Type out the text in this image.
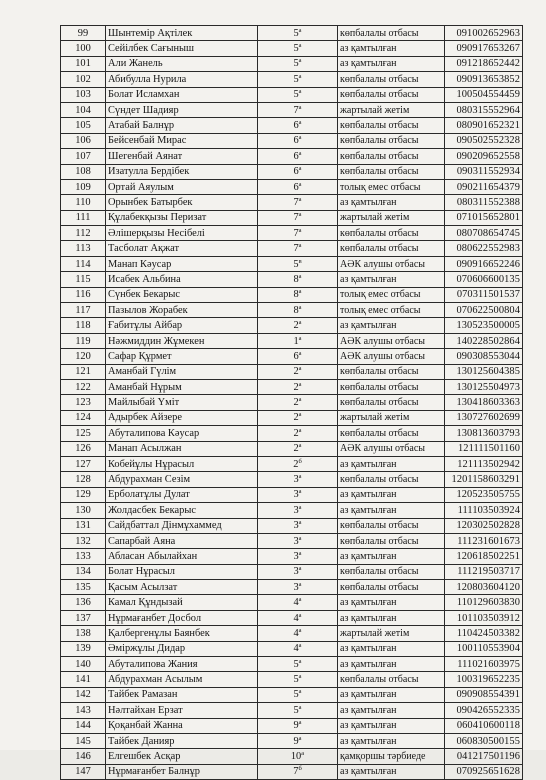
99	Шынтемір Ақтілек	$5^а$	көпбалалы отбасы	091002652963
100	Сейілбек Сағыныш	$5^а$	аз қамтылған	090917653267
101	Али Жанель	$5^а$	аз қамтылған	091218652442
102	Абибулла Нурила	$5^а$	көпбалалы отбасы	090913653852
103	Болат Исламхан	$5^а$	көпбалалы отбасы	100504554459
104	Сүндет Шадияр	$7^а$	жартылай жетім	080315552964
105	Атабай Балнұр	$6^а$	көпбалалы отбасы	080901652321
106	Бейсенбай Мирас	$6^а$	көпбалалы отбасы	090502552328
107	Шегенбай Аянат	$6^а$	көпбалалы отбасы	090209652558
108	Изатулла Бердібек	$6^а$	көпбалалы отбасы	090311552934
109	Ортай Аяулым	$6^а$	толық емес отбасы	090211654379
110	Орынбек Батырбек	$7^а$	аз қамтылған	080311552388
111	Құлабекқызы Перизат	$7^а$	жартылай жетім	071015652801
112	Әлішерқызы Несібелі	$7^а$	көпбалалы отбасы	080708654745
113	Тасболат Ақжат	$7^а$	көпбалалы отбасы	080622552983
114	Манап Кәусар	$5^в$	АӘК алушы отбасы	090916652246
115	Исабек Альбина	$8^а$	аз қамтылған	070606600135
116	Сүнбек Бекарыс	$8^а$	толық емес отбасы	070311501537
117	Пазылов Жорабек	$8^а$	толық емес отбасы	070622500804
118	Ғабитұлы Айбар	$2^а$	аз қамтылған	130523500005
119	Нәжмиддин Жұмекен	$1^а$	АӘК алушы отбасы	140228502864
120	Сафар Құрмет	$6^а$	АӘК алушы отбасы	090308553044
121	Аманбай Гүлім	$2^а$	көпбалалы отбасы	130125604385
122	Аманбай Нұрым	$2^а$	көпбалалы отбасы	130125504973
123	Майлыбай Үміт	$2^а$	көпбалалы отбасы	130418603363
124	Адырбек Айзере	$2^а$	жартылай жетім	130727602699
125	Абуталипова Кәусар	$2^а$	көпбалалы отбасы	130813603793
126	Манап Асылжан	$2^а$	АӘК алушы отбасы	121111501160
127	Кобейұлы Нұрасыл	$2^б$	аз қамтылған	121113502942
128	Абдурахман Сезім	$3^а$	көпбалалы отбасы	1201158603291
129	Ерболатұлы Дулат	$3^а$	аз қамтылған	120523505755
130	Жолдасбек Бекарыс	$3^а$	аз қамтылған	111103503924
131	Сайдбаттал Дінмұхаммед	$3^а$	көпбалалы отбасы	120302502828
132	Сапарбай Аяна	$3^а$	көпбалалы отбасы	111231601673
133	Абласан Абылайхан	$3^а$	аз қамтылған	120618502251
134	Болат Нұрасыл	$3^а$	көпбалалы отбасы	111219503717
135	Қасым Асылзат	$3^а$	көпбалалы отбасы	120803604120
136	Камал Құндызай	$4^а$	аз қамтылған	110129603830
137	Нұрмағанбет Досбол	$4^а$	аз қамтылған	101103503912
138	Қалбергенұлы Баянбек	$4^а$	жартылай жетім	110424503382
139	Әміржұлы Дидар	$4^а$	аз қамтылған	100110553904
140	Абуталипова Жания	$5^а$	аз қамтылған	111021603975
141	Абдурахман Асылым	$5^а$	көпбалалы отбасы	100319652235
142	Тайбек Рамазан	$5^а$	аз қамтылған	090908554391
143	Нәлтайхан Ерзат	$5^а$	аз қамтылған	090426552335
144	Қоқанбай Жанна	$9^а$	аз қамтылған	060410600118
145	Тайбек Данияр	$9^а$	аз қамтылған	060830500155
146	Елгешбек Асқар	$10^а$	қамқоршы тәрбиеде	041217501196
147	Нұрмағанбет Балнұр	$7^б$	аз қамтылған	070925651628
